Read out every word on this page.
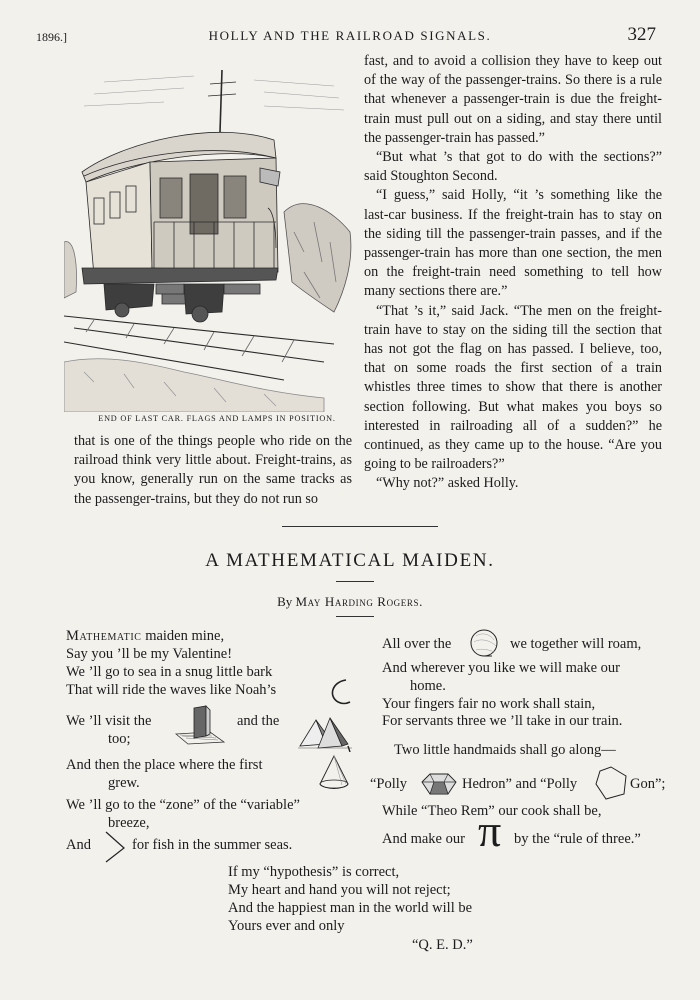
1896.]	HOLLY AND THE RAILROAD SIGNALS.	327
END OF LAST CAR. FLAGS AND LAMPS IN POSITION.

fast, and to avoid a collision they have to keep out of the way of the passenger-trains. So there is a rule that whenever a passenger-train is due the freight-train must pull out on a siding, and stay there until the passenger-train has passed.”

“But what ’s that got to do with the sections?” said Stoughton Second.

“I guess,” said Holly, “it ’s something like the last-car business. If the freight-train has to stay on the siding till the passenger-train passes, and if the passenger-train has more than one section, the men on the freight-train need something to tell how many sections there are.”

“That ’s it,” said Jack. “The men on the freight-train have to stay on the siding till the section that has not got the flag on has passed. I believe, too, that on some roads the first section of a train whistles three times to show that there is another section following. But what makes you boys so interested in railroading all of a sudden?” he continued, as they came up to the house. “Are you going to be railroaders?”

“Why not?” asked Holly.

that is one of the things people who ride on the railroad think very little about. Freight-trains, as you know, generally run on the same tracks as the passenger-trains, but they do not run so

A MATHEMATICAL MAIDEN.
By May Harding Rogers.
Mathematic maiden mine,
Say you ’ll be my Valentine!
We ’ll go to sea in a snug little bark
That will ride the waves like Noah’s
We ’ll visit the	and the
too;
And then the place where the first
grew.
We ’ll go to the “zone” of the “variable”
breeze,
And	for fish in the summer seas.
All over the	we together will roam,
And wherever you like we will make our
home.
Your fingers fair no work shall stain,
For servants three we ’ll take in our train.
Two little handmaids shall go along—
“Polly	Hedron” and “Polly	Gon”;
While “Theo Rem” our cook shall be,
And make our π by the “rule of three.”
If my “hypothesis” is correct,
My heart and hand you will not reject;
And the happiest man in the world will be
Yours ever and only
“Q. E. D.”
